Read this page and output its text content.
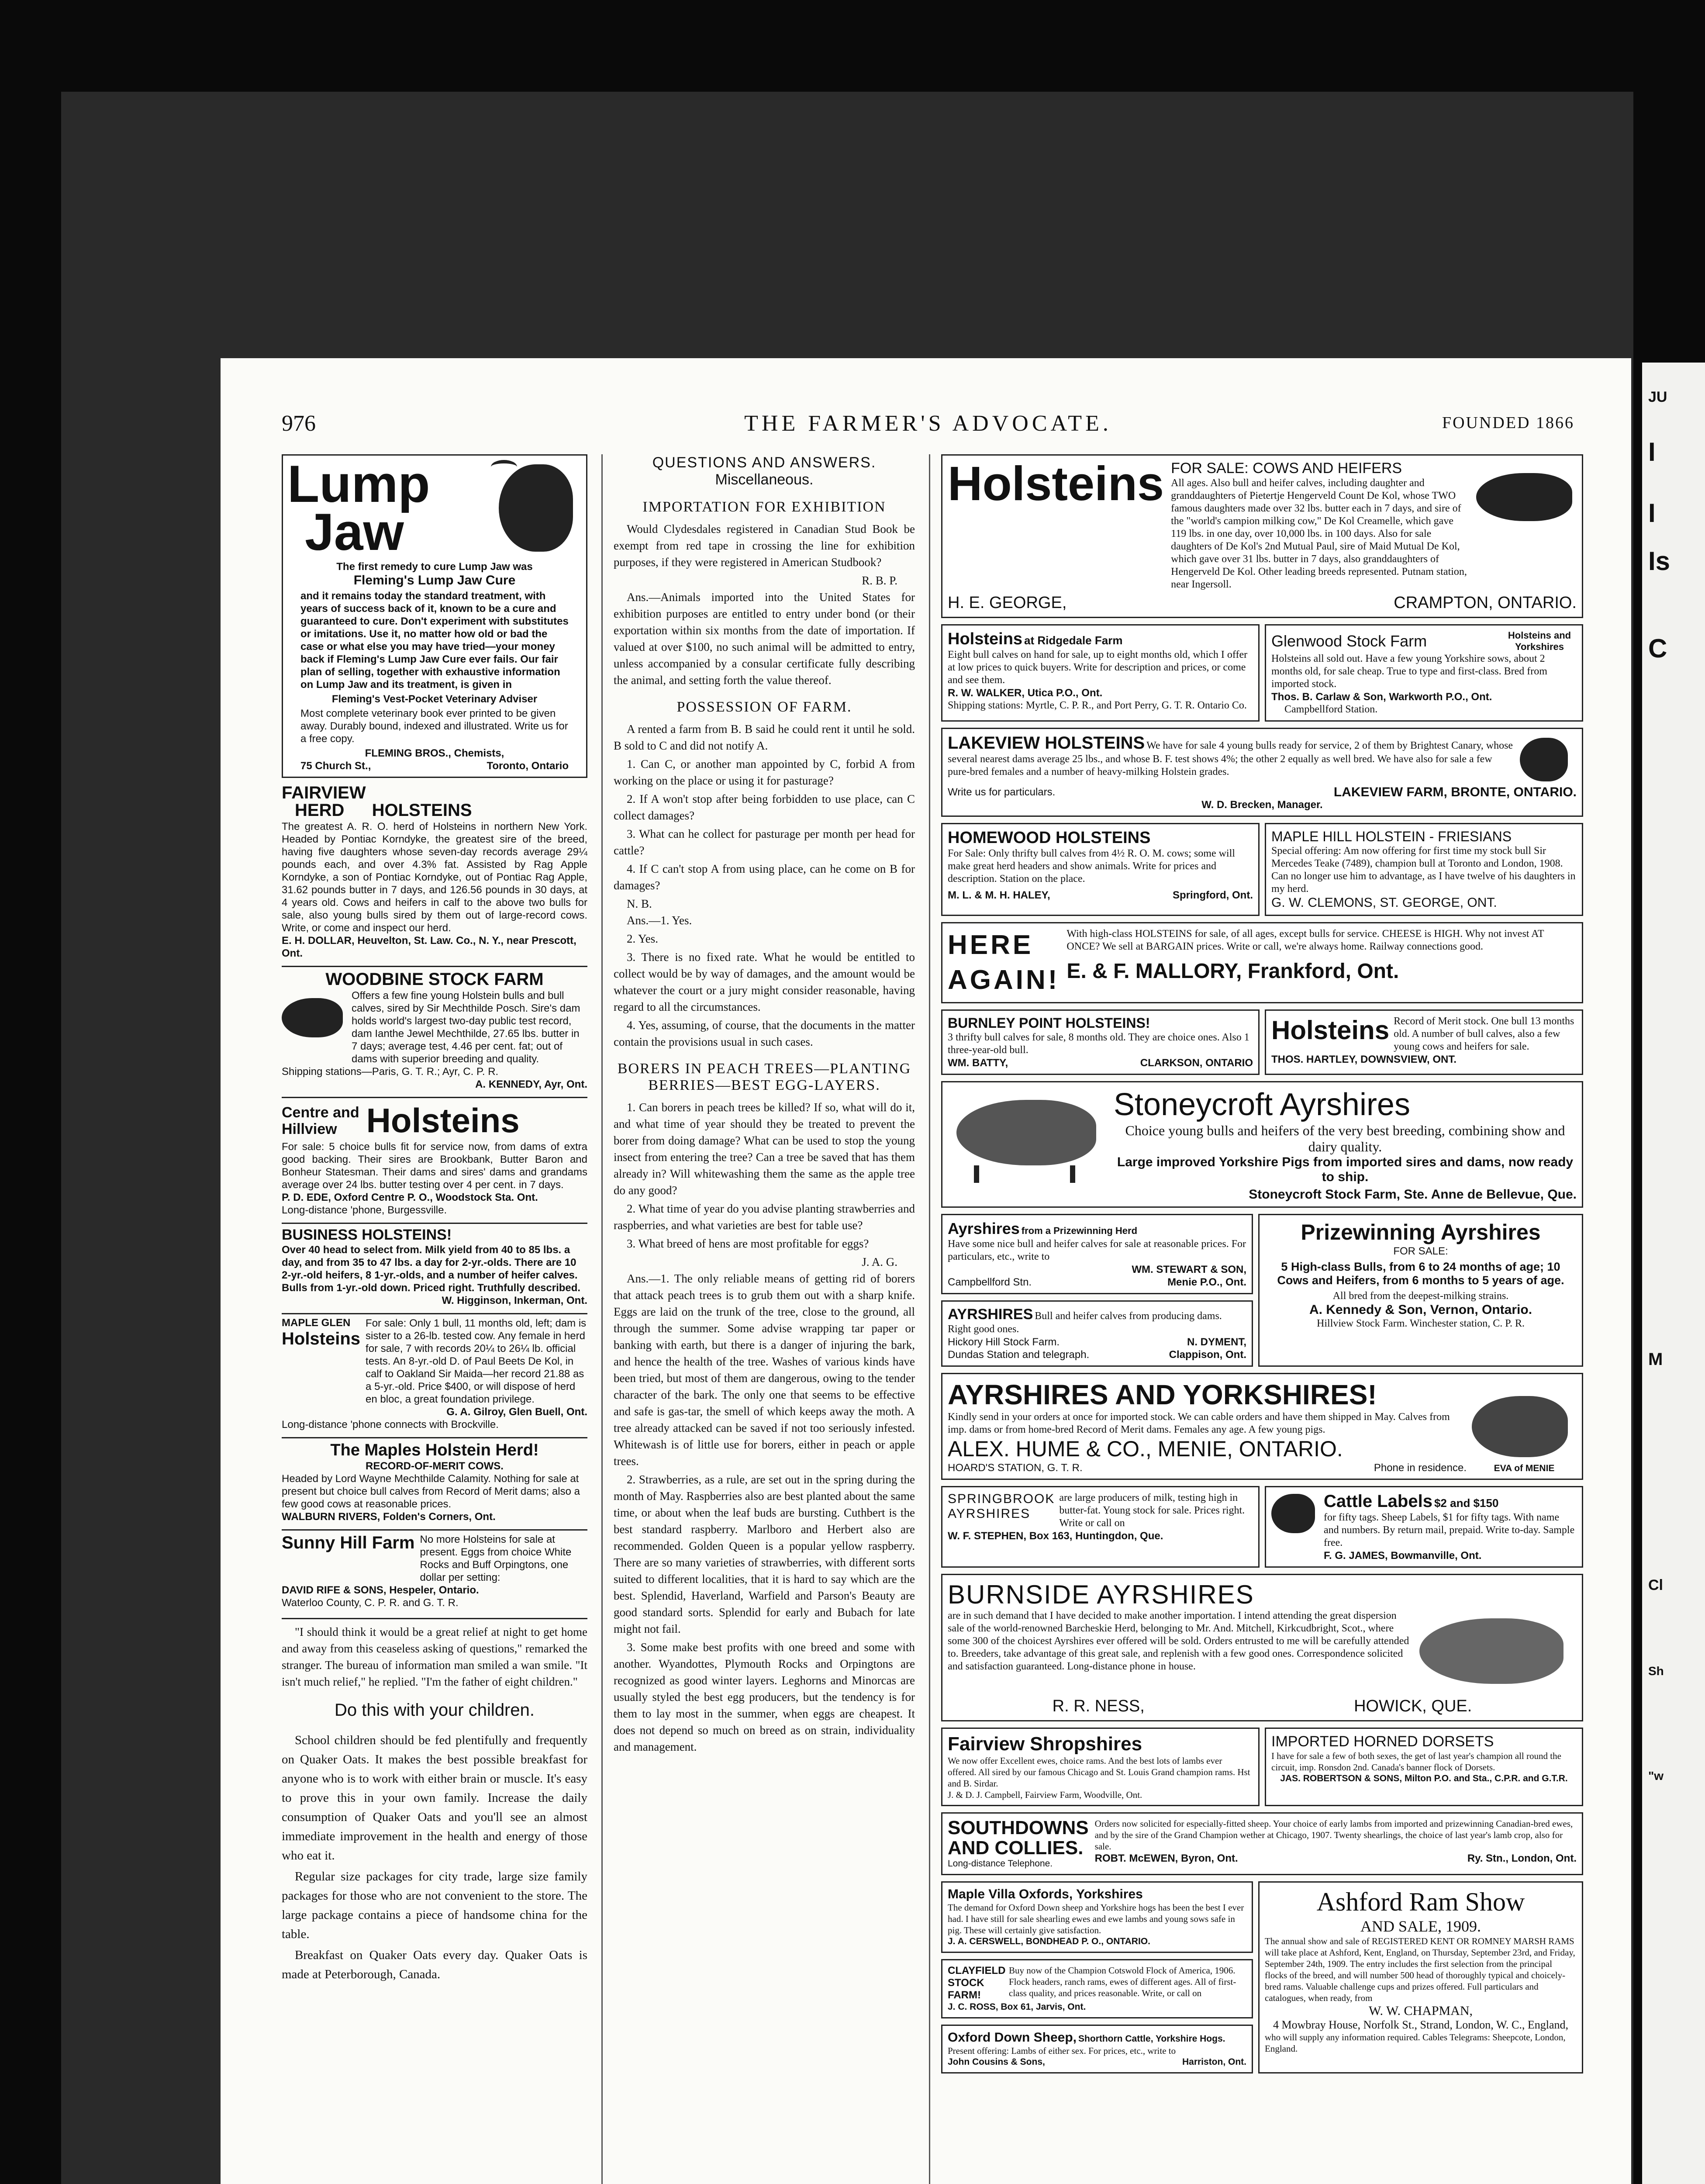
976	THE FARMER'S ADVOCATE.	FOUNDED 1866
Lump
Jaw
The first remedy to cure Lump Jaw was
Fleming's Lump Jaw Cure
and it remains today the standard treatment, with years of success back of it, known to be a cure and guaranteed to cure. Don't experiment with substitutes or imitations. Use it, no matter how old or bad the case or what else you may have tried—your money back if Fleming's Lump Jaw Cure ever fails. Our fair plan of selling, together with exhaustive information on Lump Jaw and its treatment, is given in
Fleming's Vest-Pocket Veterinary Adviser
Most complete veterinary book ever printed to be given away. Durably bound, indexed and illustrated. Write us for a free copy.
FLEMING BROS., Chemists,
75 Church St.,	Toronto, Ontario
FAIRVIEW
HERD	HOLSTEINS
The greatest A. R. O. herd of Holsteins in northern New York. Headed by Pontiac Korndyke, the greatest sire of the breed, having five daughters whose seven-day records average 29¼ pounds each, and over 4.3% fat. Assisted by Rag Apple Korndyke, a son of Pontiac Korndyke, out of Pontiac Rag Apple, 31.62 pounds butter in 7 days, and 126.56 pounds in 30 days, at 4 years old. Cows and heifers in calf to the above two bulls for sale, also young bulls sired by them out of large-record cows. Write, or come and inspect our herd.
E. H. DOLLAR, Heuvelton, St. Law. Co., N. Y., near Prescott, Ont.
WOODBINE STOCK FARM
Offers a few fine young Holstein bulls and bull calves, sired by Sir Mechthilde Posch. Sire's dam holds world's largest two-day public test record, dam Ianthe Jewel Mechthilde, 27.65 lbs. butter in 7 days; average test, 4.46 per cent. fat; out of dams with superior breeding and quality.
Shipping stations—Paris, G. T. R.; Ayr, C. P. R.
A. KENNEDY, Ayr, Ont.
Centre and
Hillview Holsteins
For sale: 5 choice bulls fit for service now, from dams of extra good backing. Their sires are Brookbank, Butter Baron and Bonheur Statesman. Their dams and sires' dams and grandams average over 24 lbs. butter testing over 4 per cent. in 7 days.
P. D. EDE, Oxford Centre P. O., Woodstock Sta. Ont.
Long-distance 'phone, Burgessville.
BUSINESS HOLSTEINS!
Over 40 head to select from. Milk yield from 40 to 85 lbs. a day, and from 35 to 47 lbs. a day for 2-yr.-olds. There are 10 2-yr.-old heifers, 8 1-yr.-olds, and a number of heifer calves. Bulls from 1-yr.-old down. Priced right. Truthfully described.
W. Higginson, Inkerman, Ont.
MAPLE GLEN
Holsteins
For sale: Only 1 bull, 11 months old, left; dam is sister to a 26-lb. tested cow. Any female in herd for sale, 7 with records 20¼ to 26¼ lb. official tests. An 8-yr.-old D. of Paul Beets De Kol, in calf to Oakland Sir Maida—her record 21.88 as a 5-yr.-old. Price $400, or will dispose of herd en bloc, a great foundation privilege.
G. A. Gilroy, Glen Buell, Ont.
Long-distance 'phone connects with Brockville.
The Maples Holstein Herd!
RECORD-OF-MERIT COWS.
Headed by Lord Wayne Mechthilde Calamity. Nothing for sale at present but choice bull calves from Record of Merit dams; also a few good cows at reasonable prices.
WALBURN RIVERS, Folden's Corners, Ont.
Sunny Hill Farm No more Holsteins for sale at present. Eggs from choice White Rocks and Buff Orpingtons, one dollar per setting:
DAVID RIFE & SONS, Hespeler, Ontario.
Waterloo County, C. P. R. and G. T. R.
"I should think it would be a great relief at night to get home and away from this ceaseless asking of questions," remarked the stranger. The bureau of information man smiled a wan smile. "It isn't much relief," he replied. "I'm the father of eight children."
Do this with your children.
School children should be fed plentifully and frequently on Quaker Oats. It makes the best possible breakfast for anyone who is to work with either brain or muscle. It's easy to prove this in your own family. Increase the daily consumption of Quaker Oats and you'll see an almost immediate improvement in the health and energy of those who eat it.
Regular size packages for city trade, large size family packages for those who are not convenient to the store. The large package contains a piece of handsome china for the table.
Breakfast on Quaker Oats every day. Quaker Oats is made at Peterborough, Canada.
QUESTIONS AND ANSWERS.
Miscellaneous.
IMPORTATION FOR EXHIBITION
Would Clydesdales registered in Canadian Stud Book be exempt from red tape in crossing the line for exhibition purposes, if they were registered in American Studbook?
R. B. P.
Ans.—Animals imported into the United States for exhibition purposes are entitled to entry under bond (or their exportation within six months from the date of importation. If valued at over $100, no such animal will be admitted to entry, unless accompanied by a consular certificate fully describing the animal, and setting forth the value thereof.
POSSESSION OF FARM.
A rented a farm from B. B said he could rent it until he sold. B sold to C and did not notify A.
1. Can C, or another man appointed by C, forbid A from working on the place or using it for pasturage?
2. If A won't stop after being forbidden to use place, can C collect damages?
3. What can he collect for pasturage per month per head for cattle?
4. If C can't stop A from using place, can he come on B for damages?
N. B.
Ans.—1. Yes.
2. Yes.
3. There is no fixed rate. What he would be entitled to collect would be by way of damages, and the amount would be whatever the court or a jury might consider reasonable, having regard to all the circumstances.
4. Yes, assuming, of course, that the documents in the matter contain the provisions usual in such cases.
BORERS IN PEACH TREES—PLANTING BERRIES—BEST EGG-LAYERS.
1. Can borers in peach trees be killed? If so, what will do it, and what time of year should they be treated to prevent the borer from doing damage? What can be used to stop the young insect from entering the tree? Can a tree be saved that has them already in? Will whitewashing them the same as the apple tree do any good?
2. What time of year do you advise planting strawberries and raspberries, and what varieties are best for table use?
3. What breed of hens are most profitable for eggs?
J. A. G.
Ans.—1. The only reliable means of getting rid of borers that attack peach trees is to grub them out with a sharp knife. Eggs are laid on the trunk of the tree, close to the ground, all through the summer. Some advise wrapping tar paper or banking with earth, but there is a danger of injuring the bark, and hence the health of the tree. Washes of various kinds have been tried, but most of them are dangerous, owing to the tender character of the bark. The only one that seems to be effective and safe is gas-tar, the smell of which keeps away the moth. A tree already attacked can be saved if not too seriously infested. Whitewash is of little use for borers, either in peach or apple trees.
2. Strawberries, as a rule, are set out in the spring during the month of May. Raspberries also are best planted about the same time, or about when the leaf buds are bursting. Cuthbert is the best standard raspberry. Marlboro and Herbert also are recommended. Golden Queen is a popular yellow raspberry. There are so many varieties of strawberries, with different sorts suited to different localities, that it is hard to say which are the best. Splendid, Haverland, Warfield and Parson's Beauty are good standard sorts. Splendid for early and Bubach for late might not fail.
3. Some make best profits with one breed and some with another. Wyandottes, Plymouth Rocks and Orpingtons are recognized as good winter layers. Leghorns and Minorcas are usually styled the best egg producers, but the tendency is for them to lay most in the summer, when eggs are cheapest. It does not depend so much on breed as on strain, individuality and management.
Holsteins FOR SALE: COWS AND HEIFERS
All ages. Also bull and heifer calves, including daughter and granddaughters of Pietertje Hengerveld Count De Kol, whose TWO famous daughters made over 32 lbs. butter each in 7 days, and sire of the "world's campion milking cow," De Kol Creamelle, which gave 119 lbs. in one day, over 10,000 lbs. in 100 days. Also for sale daughters of De Kol's 2nd Mutual Paul, sire of Maid Mutual De Kol, which gave over 31 lbs. butter in 7 days, also granddaughters of Hengerveld De Kol. Other leading breeds represented. Putnam station, near Ingersoll.
H. E. GEORGE,	CRAMPTON, ONTARIO.
Holsteins at Ridgedale Farm
Eight bull calves on hand for sale, up to eight months old, which I offer at low prices to quick buyers. Write for description and prices, or come and see them.
R. W. WALKER, Utica P.O., Ont.
Shipping stations: Myrtle, C. P. R., and Port Perry, G. T. R. Ontario Co.
Glenwood Stock Farm	Holsteins and Yorkshires
Holsteins all sold out. Have a few young Yorkshire sows, about 2 months old, for sale cheap. True to type and first-class. Bred from imported stock.
Thos. B. Carlaw & Son, Warkworth P.O., Ont.
Campbellford Station.
LAKEVIEW HOLSTEINS We have for sale 4 young bulls ready for service, 2 of them by Brightest Canary, whose several nearest dams average 25 lbs., and whose B. F. test shows 4%; the other 2 equally as well bred. We have also for sale a few pure-bred females and a number of heavy-milking Holstein grades.
Write us for particulars.	LAKEVIEW FARM, BRONTE, ONTARIO.
W. D. Brecken, Manager.
HOMEWOOD HOLSTEINS
For Sale: Only thrifty bull calves from 4½ R. O. M. cows; some will make great herd headers and show animals. Write for prices and description. Station on the place.
M. L. & M. H. HALEY,	Springford, Ont.
MAPLE HILL HOLSTEIN - FRIESIANS
Special offering: Am now offering for first time my stock bull Sir Mercedes Teake (7489), champion bull at Toronto and London, 1908. Can no longer use him to advantage, as I have twelve of his daughters in my herd.
G. W. CLEMONS, ST. GEORGE, ONT.
HERE
AGAIN!
With high-class HOLSTEINS for sale, of all ages, except bulls for service. CHEESE is HIGH. Why not invest AT ONCE? We sell at BARGAIN prices. Write or call, we're always home. Railway connections good.
E. & F. MALLORY, Frankford, Ont.
BURNLEY POINT HOLSTEINS!
3 thrifty bull calves for sale, 8 months old. They are choice ones. Also 1 three-year-old bull.
WM. BATTY,	CLARKSON, ONTARIO
Holsteins Record of Merit stock. One bull 13 months old. A number of bull calves, also a few young cows and heifers for sale.
THOS. HARTLEY, DOWNSVIEW, ONT.
Stoneycroft Ayrshires
Choice young bulls and heifers of the very best breeding, combining show and dairy quality.
Large improved Yorkshire Pigs from imported sires and dams, now ready to ship.
Stoneycroft Stock Farm, Ste. Anne de Bellevue, Que.
Ayrshires from a Prizewinning Herd
Have some nice bull and heifer calves for sale at reasonable prices. For particulars, etc., write to
WM. STEWART & SON,
Campbellford Stn.	Menie P.O., Ont.
AYRSHIRES Bull and heifer calves from producing dams. Right good ones.
Hickory Hill Stock Farm.	N. DYMENT,
Dundas Station and telegraph.	Clappison, Ont.
Prizewinning Ayrshires
FOR SALE:
5 High-class Bulls, from 6 to 24 months of age; 10 Cows and Heifers, from 6 months to 5 years of age.
All bred from the deepest-milking strains.
A. Kennedy & Son, Vernon, Ontario.
Hillview Stock Farm. Winchester station, C. P. R.
AYRSHIRES AND YORKSHIRES!
Kindly send in your orders at once for imported stock. We can cable orders and have them shipped in May. Calves from imp. dams or from home-bred Record of Merit dams. Females any age. A few young pigs.
ALEX. HUME & CO., MENIE, ONTARIO.
HOARD'S STATION, G. T. R.	Phone in residence.	EVA of MENIE
SPRINGBROOK
AYRSHIRES
are large producers of milk, testing high in butter-fat. Young stock for sale. Prices right. Write or call on
W. F. STEPHEN, Box 163, Huntingdon, Que.
Cattle Labels $2 and $150
for fifty tags. Sheep Labels, $1 for fifty tags. With name and numbers. By return mail, prepaid. Write to-day. Sample free.
F. G. JAMES, Bowmanville, Ont.
BURNSIDE AYRSHIRES
are in such demand that I have decided to make another importation. I intend attending the great dispersion sale of the world-renowned Barcheskie Herd, belonging to Mr. And. Mitchell, Kirkcudbright, Scot., where some 300 of the choicest Ayrshires ever offered will be sold. Orders entrusted to me will be carefully attended to. Breeders, take advantage of this great sale, and replenish with a few good ones. Correspondence solicited and satisfaction guaranteed. Long-distance phone in house.
R. R. NESS,	HOWICK, QUE.
Fairview Shropshires
We now offer Excellent ewes, choice rams. And the best lots of lambs ever offered. All sired by our famous Chicago and St. Louis Grand champion rams. Hst and B. Sirdar.
J. & D. J. Campbell, Fairview Farm, Woodville, Ont.
IMPORTED HORNED DORSETS
I have for sale a few of both sexes, the get of last year's champion all round the circuit, imp. Ronsdon 2nd. Canada's banner flock of Dorsets.
JAS. ROBERTSON & SONS, Milton P.O. and Sta., C.P.R. and G.T.R.
SOUTHDOWNS
AND COLLIES.
Long-distance Telephone.
Orders now solicited for especially-fitted sheep. Your choice of early lambs from imported and prizewinning Canadian-bred ewes, and by the sire of the Grand Champion wether at Chicago, 1907. Twenty shearlings, the choice of last year's lamb crop, also for sale.
ROBT. McEWEN, Byron, Ont.	Ry. Stn., London, Ont.
Maple Villa Oxfords, Yorkshires
The demand for Oxford Down sheep and Yorkshire hogs has been the best I ever had. I have still for sale shearling ewes and ewe lambs and young sows safe in pig. These will certainly give satisfaction.
J. A. CERSWELL, BONDHEAD P. O., ONTARIO.
CLAYFIELD STOCK FARM!
Buy now of the Champion Cotswold Flock of America, 1906. Flock headers, ranch rams, ewes of different ages. All of first-class quality, and prices reasonable. Write, or call on
J. C. ROSS, Box 61, Jarvis, Ont.
Oxford Down Sheep, Shorthorn Cattle, Yorkshire Hogs.
Present offering: Lambs of either sex. For prices, etc., write to
John Cousins & Sons,	Harriston, Ont.
Ashford Ram Show
AND SALE, 1909.
The annual show and sale of REGISTERED KENT OR ROMNEY MARSH RAMS will take place at Ashford, Kent, England, on Thursday, September 23rd, and Friday, September 24th, 1909. The entry includes the first selection from the principal flocks of the breed, and will number 500 head of thoroughly typical and choicely-bred rams. Valuable challenge cups and prizes offered. Full particulars and catalogues, when ready, from
W. W. CHAPMAN,
4 Mowbray House, Norfolk St., Strand, London, W. C., England,
who will supply any information required. Cables Telegrams: Sheepcote, London, England.
JU
I
I
Is
C
M
Cl
Sh
"w
